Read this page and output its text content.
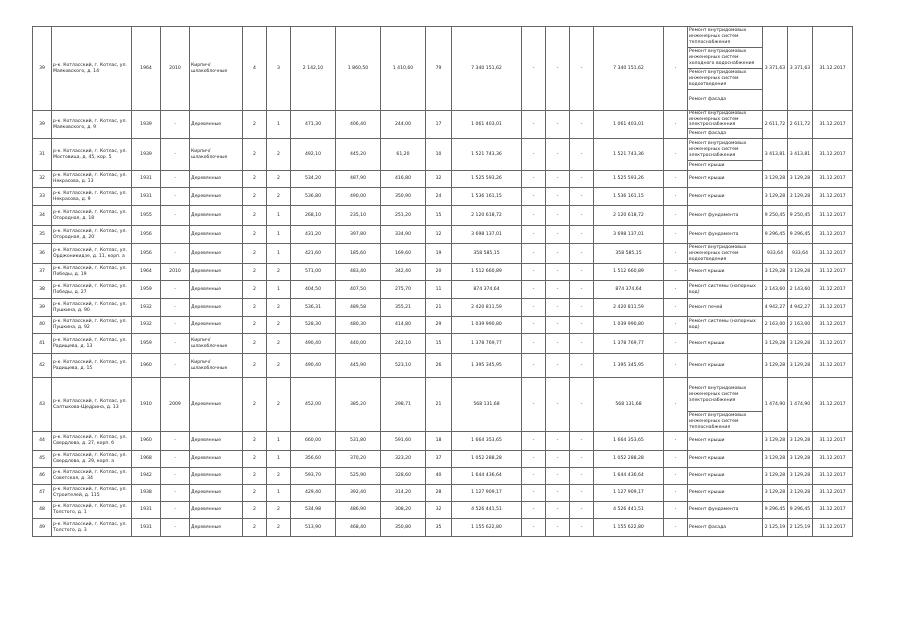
39	р-к. Котласский, г. Котлас, ул. Маяковского, д. 14	1964	2010	Кирпич/ шлакоблочные	4	3	2 142,10	1 860,50	1 410,60	79	7 340 151,62	-	-	-	7 340 151,62	-	Ремонт внутридомовых инженерных систем теплоснабжения	3 371,63	3 371,63	31.12.2017
																	Ремонт внутридомовых инженерных систем холодного водоснабжения			
																	Ремонт внутридомовых инженерных систем водоотведения			
																	Ремонт фасада			
39	р-к. Котласский, г. Котлас, ул. Маяковского, д. 9	1939	-	Деревянные	2	1	471,30	406,40	244,00	17	1 061 403,01	-	-	-	1 061 403,01	-	Ремонт внутридомовых инженерных систем электроснабжения	2 611,72	2 611,72	31.12.2017
																	Ремонт фасада			
31	р-к. Котласский, г. Котлас, ул. Мостовица, д. 45, кор. 5	1939	-	Кирпич/ шлакоблочные	2	2	492,10	445,20	61,20	10	1 521 743,36	-	-	-	1 521 743,36	-	Ремонт внутридомовых инженерных систем электроснабжения	3 413,81	3 413,81	31.12.2017
																	Ремонт крыши			
32	р-к. Котласский, г. Котлас, ул. Некрасова, д. 13	1931	-	Деревянные	2	2	534,20	487,90	416,80	32	1 525 593,26	-	-	-	1 525 593,26	-	Ремонт крыши	3 129,28	3 129,28	31.12.2017
33	р-к. Котласский, г. Котлас, ул. Некрасова, д. 9	1931	-	Деревянные	2	2	536,80	490,00	350,90	24	1 536 161,15	-	-	-	1 536 161,15	-	Ремонт крыши	3 129,28	3 129,28	31.12.2017
34	р-к. Котласский, г. Котлас, ул. Огородная, д. 18	1955	-	Деревянные	2	1	268,10	235,10	251,20	15	2 120 618,72	-	-	-	2 120 618,72	-	Ремонт фундамента	9 250,45	9 250,45	31.12.2017
35	р-к. Котласский, г. Котлас, ул. Огородная, д. 20	1956		Деревянные	2	1	431,20	397,80	334,90	12	3 698 137,01	-	-	-	3 698 137,01	-	Ремонт фундамента	9 296,45	9 296,45	31.12.2017
36	р-к. Котласский, г. Котлас, ул. Орджоникидзе, д. 11, корп. а	1956	-	Деревянные	2	1	421,60	185,60	169,60	19	358 585,15	-	-	-	358 585,15	-	Ремонт внутридомовых инженерных систем водоотведения	933,64	933,64	31.12.2017
37	р-к. Котласский, г. Котлас, ул. Победы, д. 19	1964	2010	Деревянные	2	2	571,00	483,40	342,40	20	1 512 660,89	-	-	-	1 512 660,89	-	Ремонт крыши	3 129,28	3 129,28	31.12.2017
38	р-к. Котласский, г. Котлас, ул. Победы, д. 27	1959	-	Деревянные	2	1	404,50	407,50	275,70	11	874 374,64	-	-	-	874 374,64	-	Ремонт системы (напорных вод)	2 143,60	2 143,60	31.12.2017
39	р-к. Котласский, г. Котлас, ул. Пушкина, д. 90	1932	-	Деревянные	2	2	536,31	489,58	355,21	21	2 420 811,59	-	-	-	2 420 811,59	-	Ремонт печей	4 942,27	4 942,27	31.12.2017
40	р-к. Котласский, г. Котлас, ул. Пушкина, д. 92	1932	-	Деревянные	2	2	528,30	480,30	414,80	29	1 039 990,80	-	-	-	1 039 990,80	-	Ремонт системы (напорных вод)	2 163,00	2 163,00	31.12.2017
41	р-к. Котласский, г. Котлас, ул. Радищева, д. 13	1959	-	Кирпич/ шлакоблочные	2	2	490,40	440,00	242,10	15	1 378 769,77	-	-	-	1 378 769,77	-	Ремонт крыши	3 129,28	3 129,28	31.12.2017
42	р-к. Котласский, г. Котлас, ул. Радищева, д. 15	1960	-	Кирпич/ шлакоблочные	2	2	490,40	445,90	523,10	26	1 395 345,95	-	-	-	1 395 345,95	-	Ремонт крыши	3 129,28	3 129,28	31.12.2017
43	р-к. Котласский, г. Котлас, ул. Салтыкова-Щедрина, д. 13	1910	2009	Деревянные	2	2	452,00	385,20	298,71	21	568 131,68	-	-	-	568 131,68	-	Ремонт внутридомовых инженерных систем электроснабжения	1 474,90	1 474,90	31.12.2017
																	Ремонт внутридомовых инженерных систем теплоснабжения			
44	р-к. Котласский, г. Котлас, ул. Свердлова, д. 27, корп. б	1960	-	Деревянные	2	1	660,00	531,80	591,60	18	1 664 353,65	-	-	-	1 664 353,65	-	Ремонт крыши	3 129,28	3 129,28	31.12.2017
45	р-к. Котласский, г. Котлас, ул. Свердлова, д. 29, корп. а	1968	-	Деревянные	2	1	356,60	370,20	323,20	37	1 052 288,28	-	-	-	1 052 288,28	-	Ремонт крыши	3 129,28	3 129,28	31.12.2017
46	р-к. Котласский, г. Котлас, ул. Советская, д. 34	1942	-	Деревянные	2	2	593,70	525,90	328,60	40	1 644 436,64	-	-	-	1 644 436,64	-	Ремонт крыши	3 129,28	3 129,28	31.12.2017
47	р-к. Котласский, г. Котлас, ул. Строителей, д. 115	1938	-	Деревянные	2	1	429,40	392,40	314,20	28	1 127 909,17	-	-	-	1 127 909,17	-	Ремонт крыши	3 129,28	3 129,28	31.12.2017
48	р-к. Котласский, г. Котлас, ул. Толстого, д. 1	1931	-	Деревянные	2	2	534,98	486,90	308,20	32	4 526 441,51	-	-	-	4 526 441,51	-	Ремонт фундамента	9 296,45	9 296,45	31.12.2017
49	р-к. Котласский, г. Котлас, ул. Толстого, д. 3	1931	-	Деревянные	2	2	513,90	468,40	350,80	35	1 155 622,80	-	-	-	1 155 622,80	-	Ремонт фасада	2 125,19	2 125,19	31.12.2017
